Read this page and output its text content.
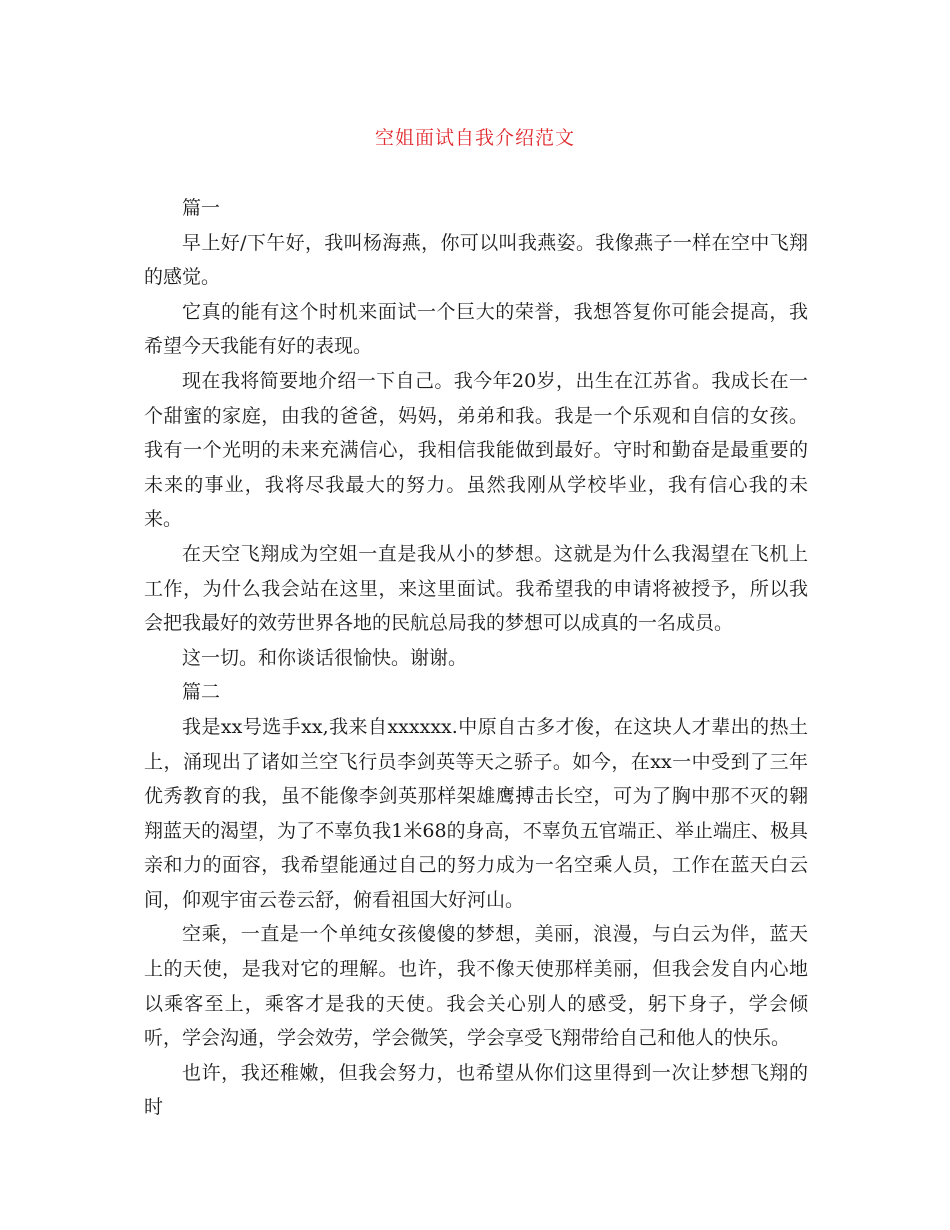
空姐面试自我介绍范文

篇一

早上好/下午好，我叫杨海燕，你可以叫我燕姿。我像燕子一样在空中飞翔的感觉。

它真的能有这个时机来面试一个巨大的荣誉，我想答复你可能会提高，我希望今天我能有好的表现。

现在我将简要地介绍一下自己。我今年20岁，出生在江苏省。我成长在一个甜蜜的家庭，由我的爸爸，妈妈，弟弟和我。我是一个乐观和自信的女孩。我有一个光明的未来充满信心，我相信我能做到最好。守时和勤奋是最重要的未来的事业，我将尽我最大的努力。虽然我刚从学校毕业，我有信心我的未来。

在天空飞翔成为空姐一直是我从小的梦想。这就是为什么我渴望在飞机上工作，为什么我会站在这里，来这里面试。我希望我的申请将被授予，所以我会把我最好的效劳世界各地的民航总局我的梦想可以成真的一名成员。

这一切。和你谈话很愉快。谢谢。

篇二

我是xx号选手xx,我来自xxxxxx.中原自古多才俊，在这块人才辈出的热土上，涌现出了诸如兰空飞行员李剑英等天之骄子。如今，在xx一中受到了三年优秀教育的我，虽不能像李剑英那样架雄鹰搏击长空，可为了胸中那不灭的翱翔蓝天的渴望，为了不辜负我1米68的身高，不辜负五官端正、举止端庄、极具亲和力的面容，我希望能通过自己的努力成为一名空乘人员，工作在蓝天白云间，仰观宇宙云卷云舒，俯看祖国大好河山。

空乘，一直是一个单纯女孩傻傻的梦想，美丽，浪漫，与白云为伴，蓝天上的天使，是我对它的理解。也许，我不像天使那样美丽，但我会发自内心地以乘客至上，乘客才是我的天使。我会关心别人的感受，躬下身子，学会倾听，学会沟通，学会效劳，学会微笑，学会享受飞翔带给自己和他人的快乐。

也许，我还稚嫩，但我会努力，也希望从你们这里得到一次让梦想飞翔的时
